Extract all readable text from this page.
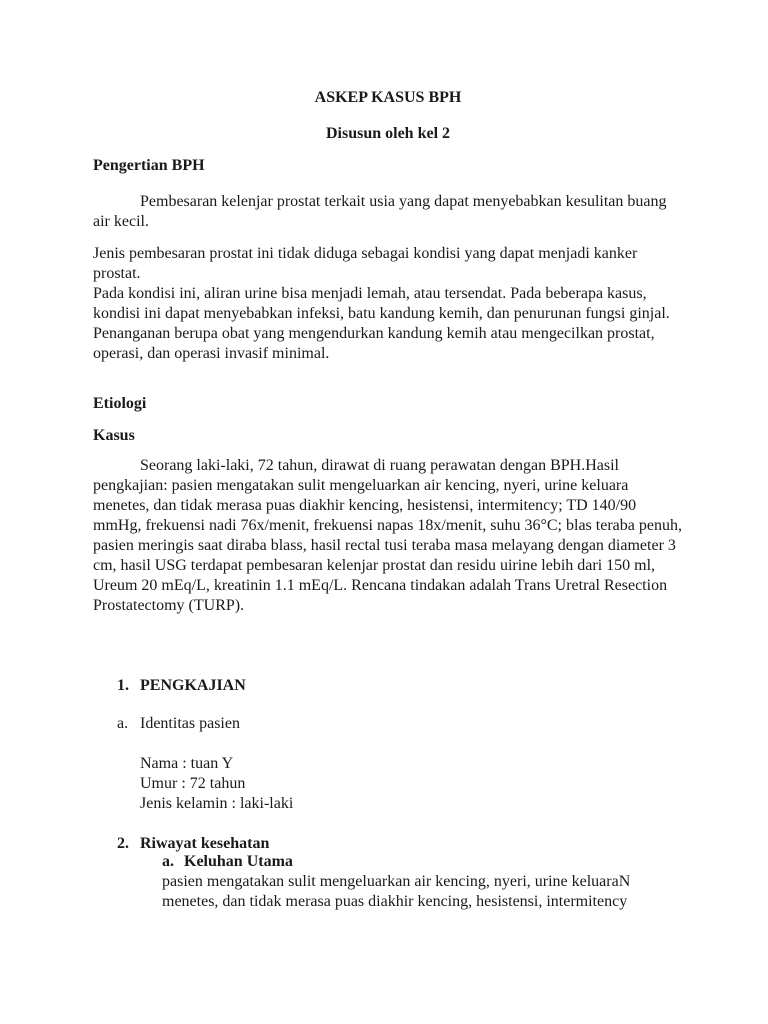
ASKEP KASUS BPH
Disusun oleh kel 2
Pengertian BPH

Pembesaran kelenjar prostat terkait usia yang dapat menyebabkan kesulitan buang air kecil.

Jenis pembesaran prostat ini tidak diduga sebagai kondisi yang dapat menjadi kanker prostat.

Pada kondisi ini, aliran urine bisa menjadi lemah, atau tersendat. Pada beberapa kasus, kondisi ini dapat menyebabkan infeksi, batu kandung kemih, dan penurunan fungsi ginjal.

Penanganan berupa obat yang mengendurkan kandung kemih atau mengecilkan prostat, operasi, dan operasi invasif minimal.

Etiologi
Kasus

Seorang laki-laki, 72 tahun, dirawat di ruang perawatan dengan BPH.Hasil pengkajian: pasien mengatakan sulit mengeluarkan air kencing, nyeri, urine keluara menetes, dan tidak merasa puas diakhir kencing, hesistensi, intermitency; TD 140/90 mmHg, frekuensi nadi 76x/menit, frekuensi napas 18x/menit, suhu 36°C; blas teraba penuh, pasien meringis saat diraba blass, hasil rectal tusi teraba masa melayang dengan diameter 3 cm, hasil USG terdapat pembesaran kelenjar prostat dan residu uirine lebih dari 150 ml, Ureum 20 mEq/L, kreatinin 1.1 mEq/L. Rencana tindakan adalah Trans Uretral Resection Prostatectomy (TURP).

1. PENGKAJIAN
a. Identitas pasien

Nama : tuan Y

Umur : 72 tahun

Jenis kelamin : laki-laki

2. Riwayat kesehatan
a. Keluhan Utama

pasien mengatakan sulit mengeluarkan air kencing, nyeri, urine keluaraN menetes, dan tidak merasa puas diakhir kencing, hesistensi, intermitency
